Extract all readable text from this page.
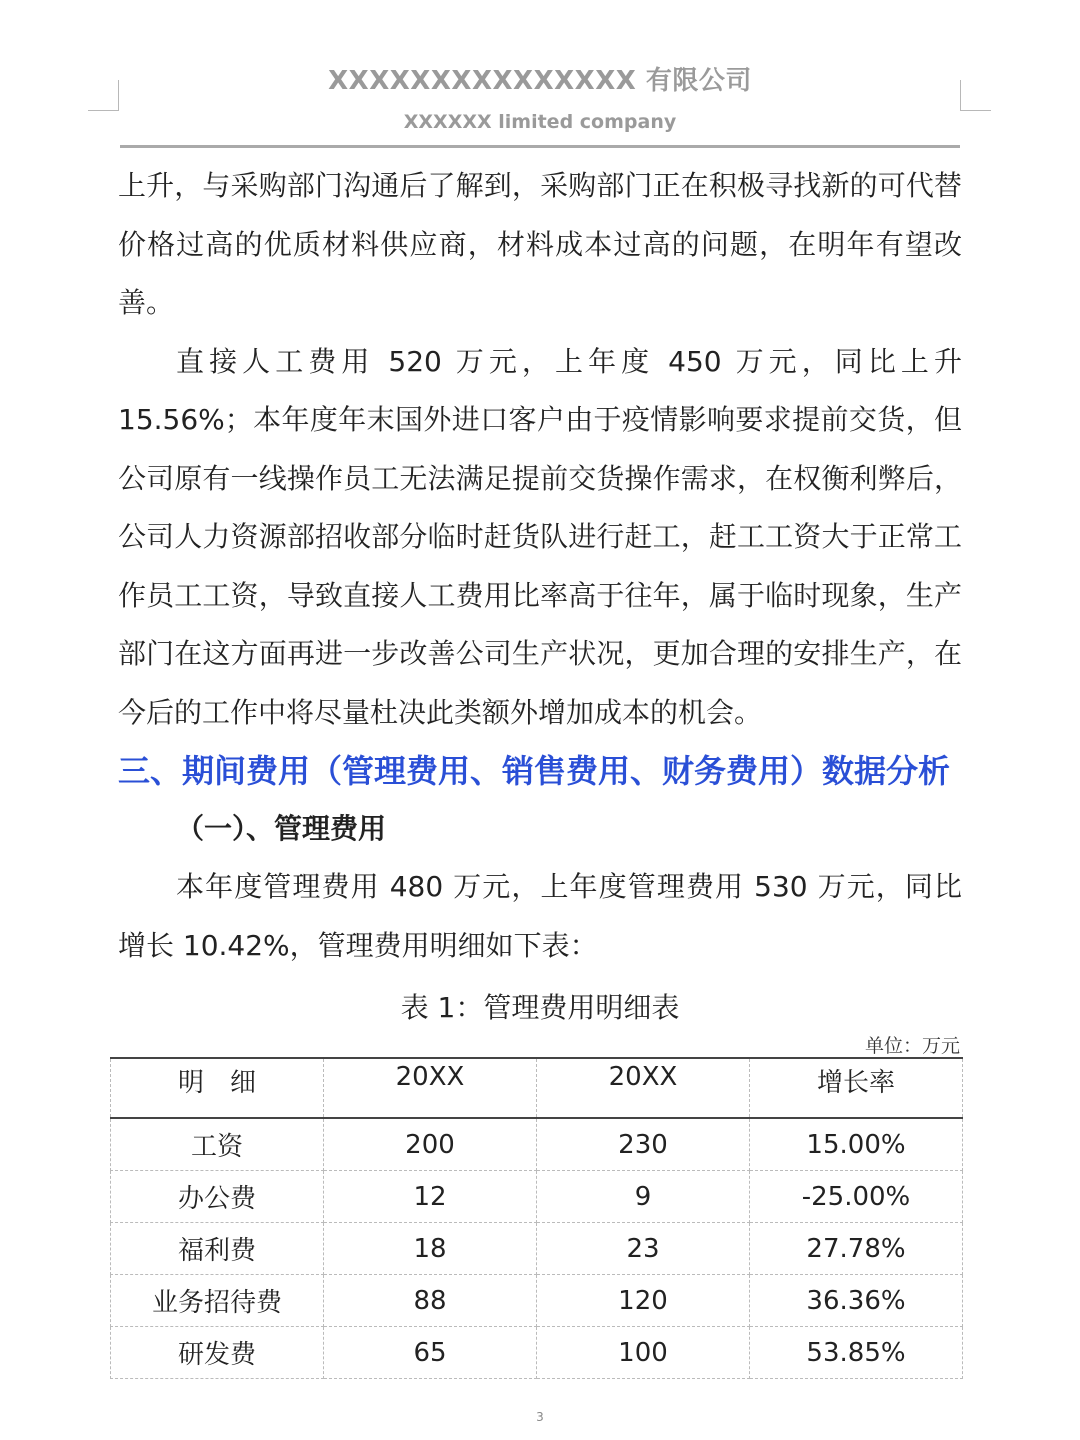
XXXXXXXXXXXXXXX 有限公司
XXXXXX limited company

上升，与采购部门沟通后了解到，采购部门正在积极寻找新的可代替价格过高的优质材料供应商，材料成本过高的问题，在明年有望改善。

直接人工费用 520 万元，上年度 450 万元，同比上升 15.56%；本年度年末国外进口客户由于疫情影响要求提前交货，但公司原有一线操作员工无法满足提前交货操作需求，在权衡利弊后，公司人力资源部招收部分临时赶货队进行赶工，赶工工资大于正常工作员工工资，导致直接人工费用比率高于往年，属于临时现象，生产部门在这方面再进一步改善公司生产状况，更加合理的安排生产，在今后的工作中将尽量杜决此类额外增加成本的机会。

三、期间费用（管理费用、销售费用、财务费用）数据分析

（一）、管理费用

本年度管理费用 480 万元，上年度管理费用 530 万元，同比增长 10.42%，管理费用明细如下表：

表 1：管理费用明细表
单位：万元
明　细	20XX	20XX	增长率
工资	200	230	15.00%
办公费	12	9	-25.00%
福利费	18	23	27.78%
业务招待费	88	120	36.36%
研发费	65	100	53.85%
3
